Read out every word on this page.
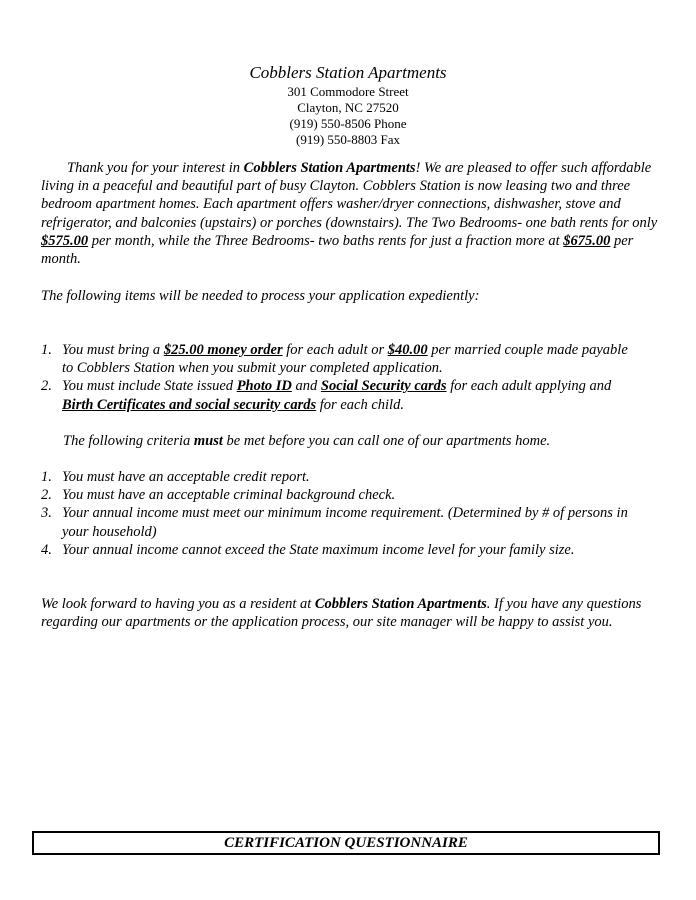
Cobblers Station Apartments
301 Commodore Street
Clayton, NC 27520
(919) 550-8506 Phone
(919) 550-8803 Fax
Thank you for your interest in Cobblers Station Apartments! We are pleased to offer such affordable living in a peaceful and beautiful part of busy Clayton. Cobblers Station is now leasing two and three bedroom apartment homes. Each apartment offers washer/dryer connections, dishwasher, stove and refrigerator, and balconies (upstairs) or porches (downstairs). The Two Bedrooms- one bath rents for only $575.00 per month, while the Three Bedrooms- two baths rents for just a fraction more at $675.00 per month.
The following items will be needed to process your application expediently:
1. You must bring a $25.00 money order for each adult or $40.00 per married couple made payable to Cobblers Station when you submit your completed application.
2. You must include State issued Photo ID and Social Security cards for each adult applying and Birth Certificates and social security cards for each child.
The following criteria must be met before you can call one of our apartments home.
1. You must have an acceptable credit report.
2. You must have an acceptable criminal background check.
3. Your annual income must meet our minimum income requirement. (Determined by # of persons in your household)
4. Your annual income cannot exceed the State maximum income level for your family size.
We look forward to having you as a resident at Cobblers Station Apartments. If you have any questions regarding our apartments or the application process, our site manager will be happy to assist you.
CERTIFICATION QUESTIONNAIRE
